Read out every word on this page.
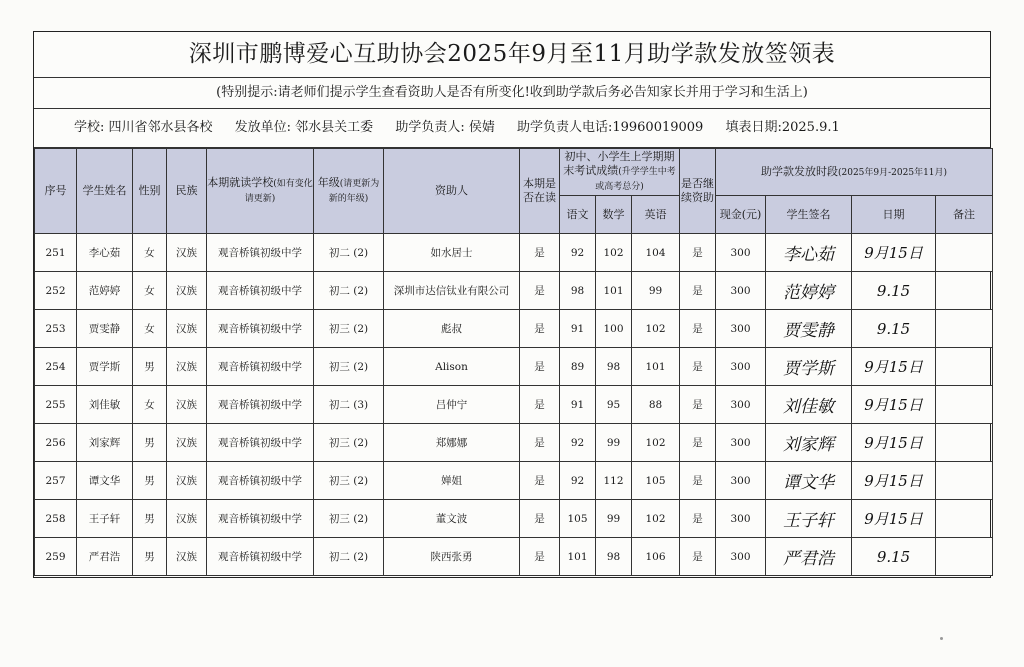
深圳市鹏博爱心互助协会2025年9月至11月助学款发放签领表
(特别提示:请老师们提示学生查看资助人是否有所变化!收到助学款后务必告知家长并用于学习和生活上)
学校: 四川省邻水县各校 发放单位: 邻水县关工委 助学负责人: 侯婧 助学负责人电话:19960019009 填表日期:2025.9.1
序号	学生姓名	性别	民族	本期就读学校(如有变化请更新)	年级(请更新为新的年级)	资助人	本期是否在读	初中、小学生上学期期末考试成绩(升学学生中考或高考总分)			是否继续资助	助学款发放时段(2025年9月-2025年11月)			
								语文	数学	英语		现金(元)	学生签名	日期	备注
251	李心茹	女	汉族	观音桥镇初级中学	初二 (2)	如水居士	是	92	102	104	是	300	李心茹	9月15日	
252	范婷婷	女	汉族	观音桥镇初级中学	初二 (2)	深圳市达信钛业有限公司	是	98	101	99	是	300	范婷婷	9.15	
253	贾雯静	女	汉族	观音桥镇初级中学	初三 (2)	彪叔	是	91	100	102	是	300	贾雯静	9.15	
254	贾学斯	男	汉族	观音桥镇初级中学	初三 (2)	Alison	是	89	98	101	是	300	贾学斯	9月15日	
255	刘佳敏	女	汉族	观音桥镇初级中学	初二 (3)	吕仲宁	是	91	95	88	是	300	刘佳敏	9月15日	
256	刘家辉	男	汉族	观音桥镇初级中学	初三 (2)	郑娜娜	是	92	99	102	是	300	刘家辉	9月15日	
257	谭文华	男	汉族	观音桥镇初级中学	初三 (2)	婵姐	是	92	112	105	是	300	谭文华	9月15日	
258	王子轩	男	汉族	观音桥镇初级中学	初三 (2)	董文波	是	105	99	102	是	300	王子轩	9月15日	
259	严君浩	男	汉族	观音桥镇初级中学	初二 (2)	陕西张勇	是	101	98	106	是	300	严君浩	9.15	
